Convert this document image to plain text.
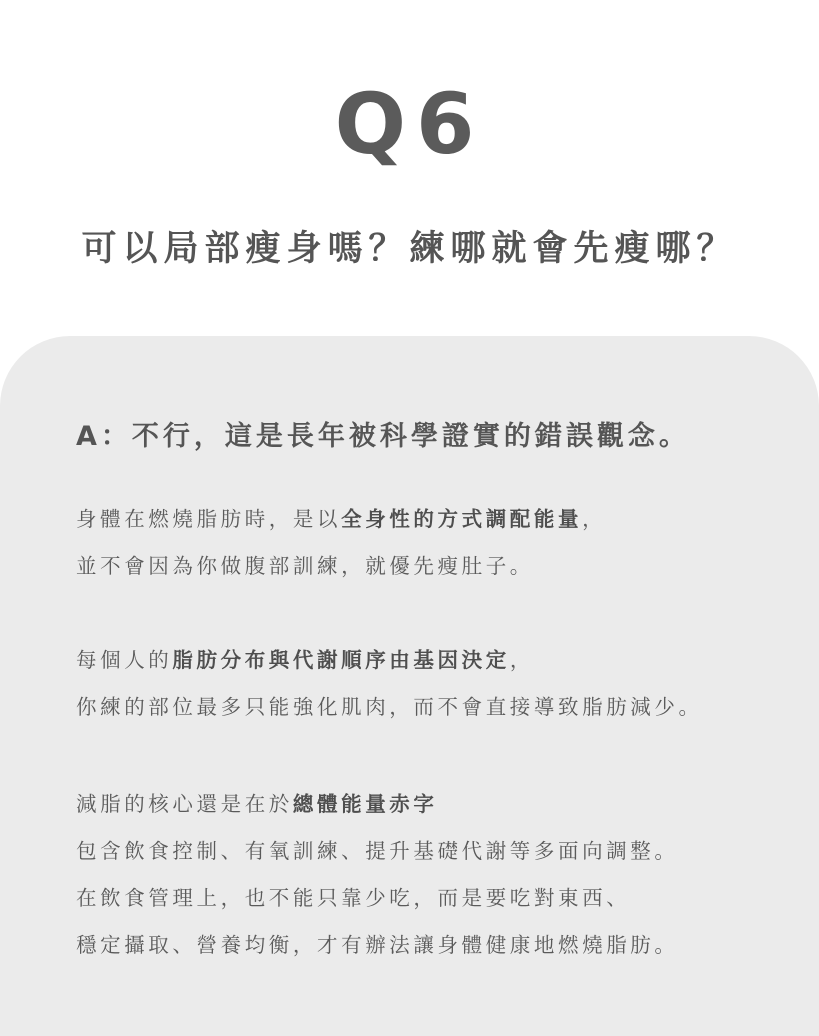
Q6
可以局部瘦身嗎？練哪就會先瘦哪？
A：不行，這是長年被科學證實的錯誤觀念。
身體在燃燒脂肪時，是以全身性的方式調配能量，
並不會因為你做腹部訓練，就優先瘦肚子。
每個人的脂肪分布與代謝順序由基因決定，
你練的部位最多只能強化肌肉，而不會直接導致脂肪減少。
減脂的核心還是在於總體能量赤字
包含飲食控制、有氧訓練、提升基礎代謝等多面向調整。
在飲食管理上，也不能只靠少吃，而是要吃對東西、
穩定攝取、營養均衡，才有辦法讓身體健康地燃燒脂肪。
